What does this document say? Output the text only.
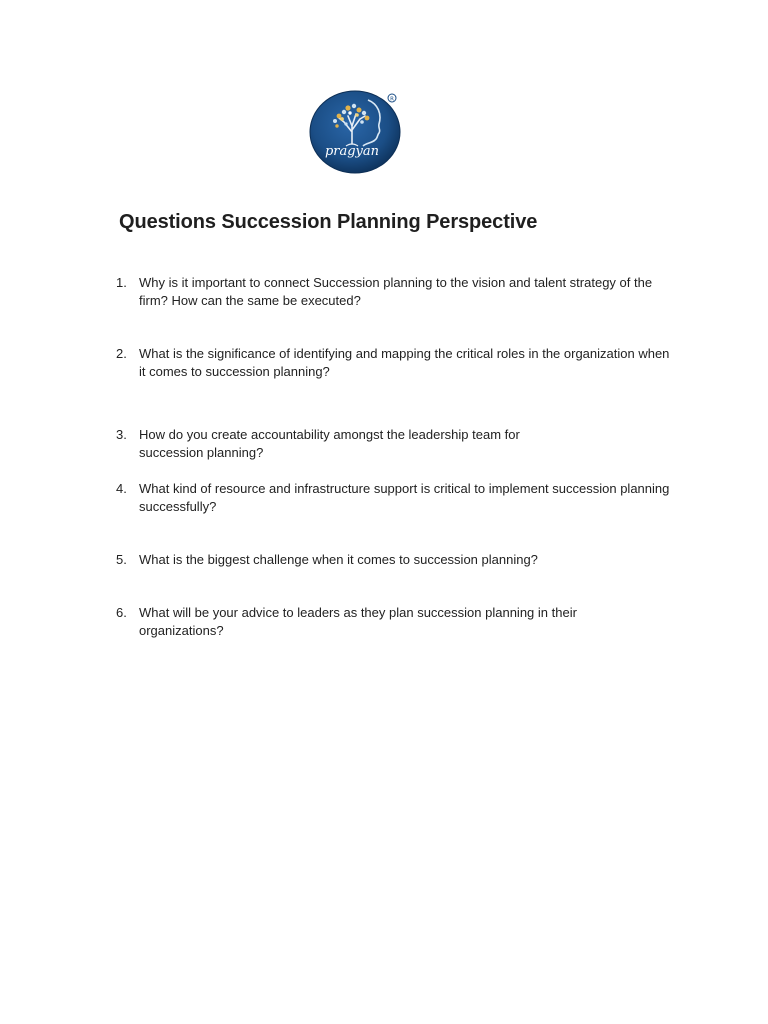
pragyan
R
Questions Succession Planning Perspective
1. Why is it important to connect Succession planning to the vision and talent strategy of the firm? How can the same be executed?
2. What is the significance of identifying and mapping the critical roles in the organization when it comes to succession planning?
3. How do you create accountability amongst the leadership team for succession planning?
4. What kind of resource and infrastructure support is critical to implement succession planning successfully?
5. What is the biggest challenge when it comes to succession planning?
6. What will be your advice to leaders as they plan succession planning in their organizations?
